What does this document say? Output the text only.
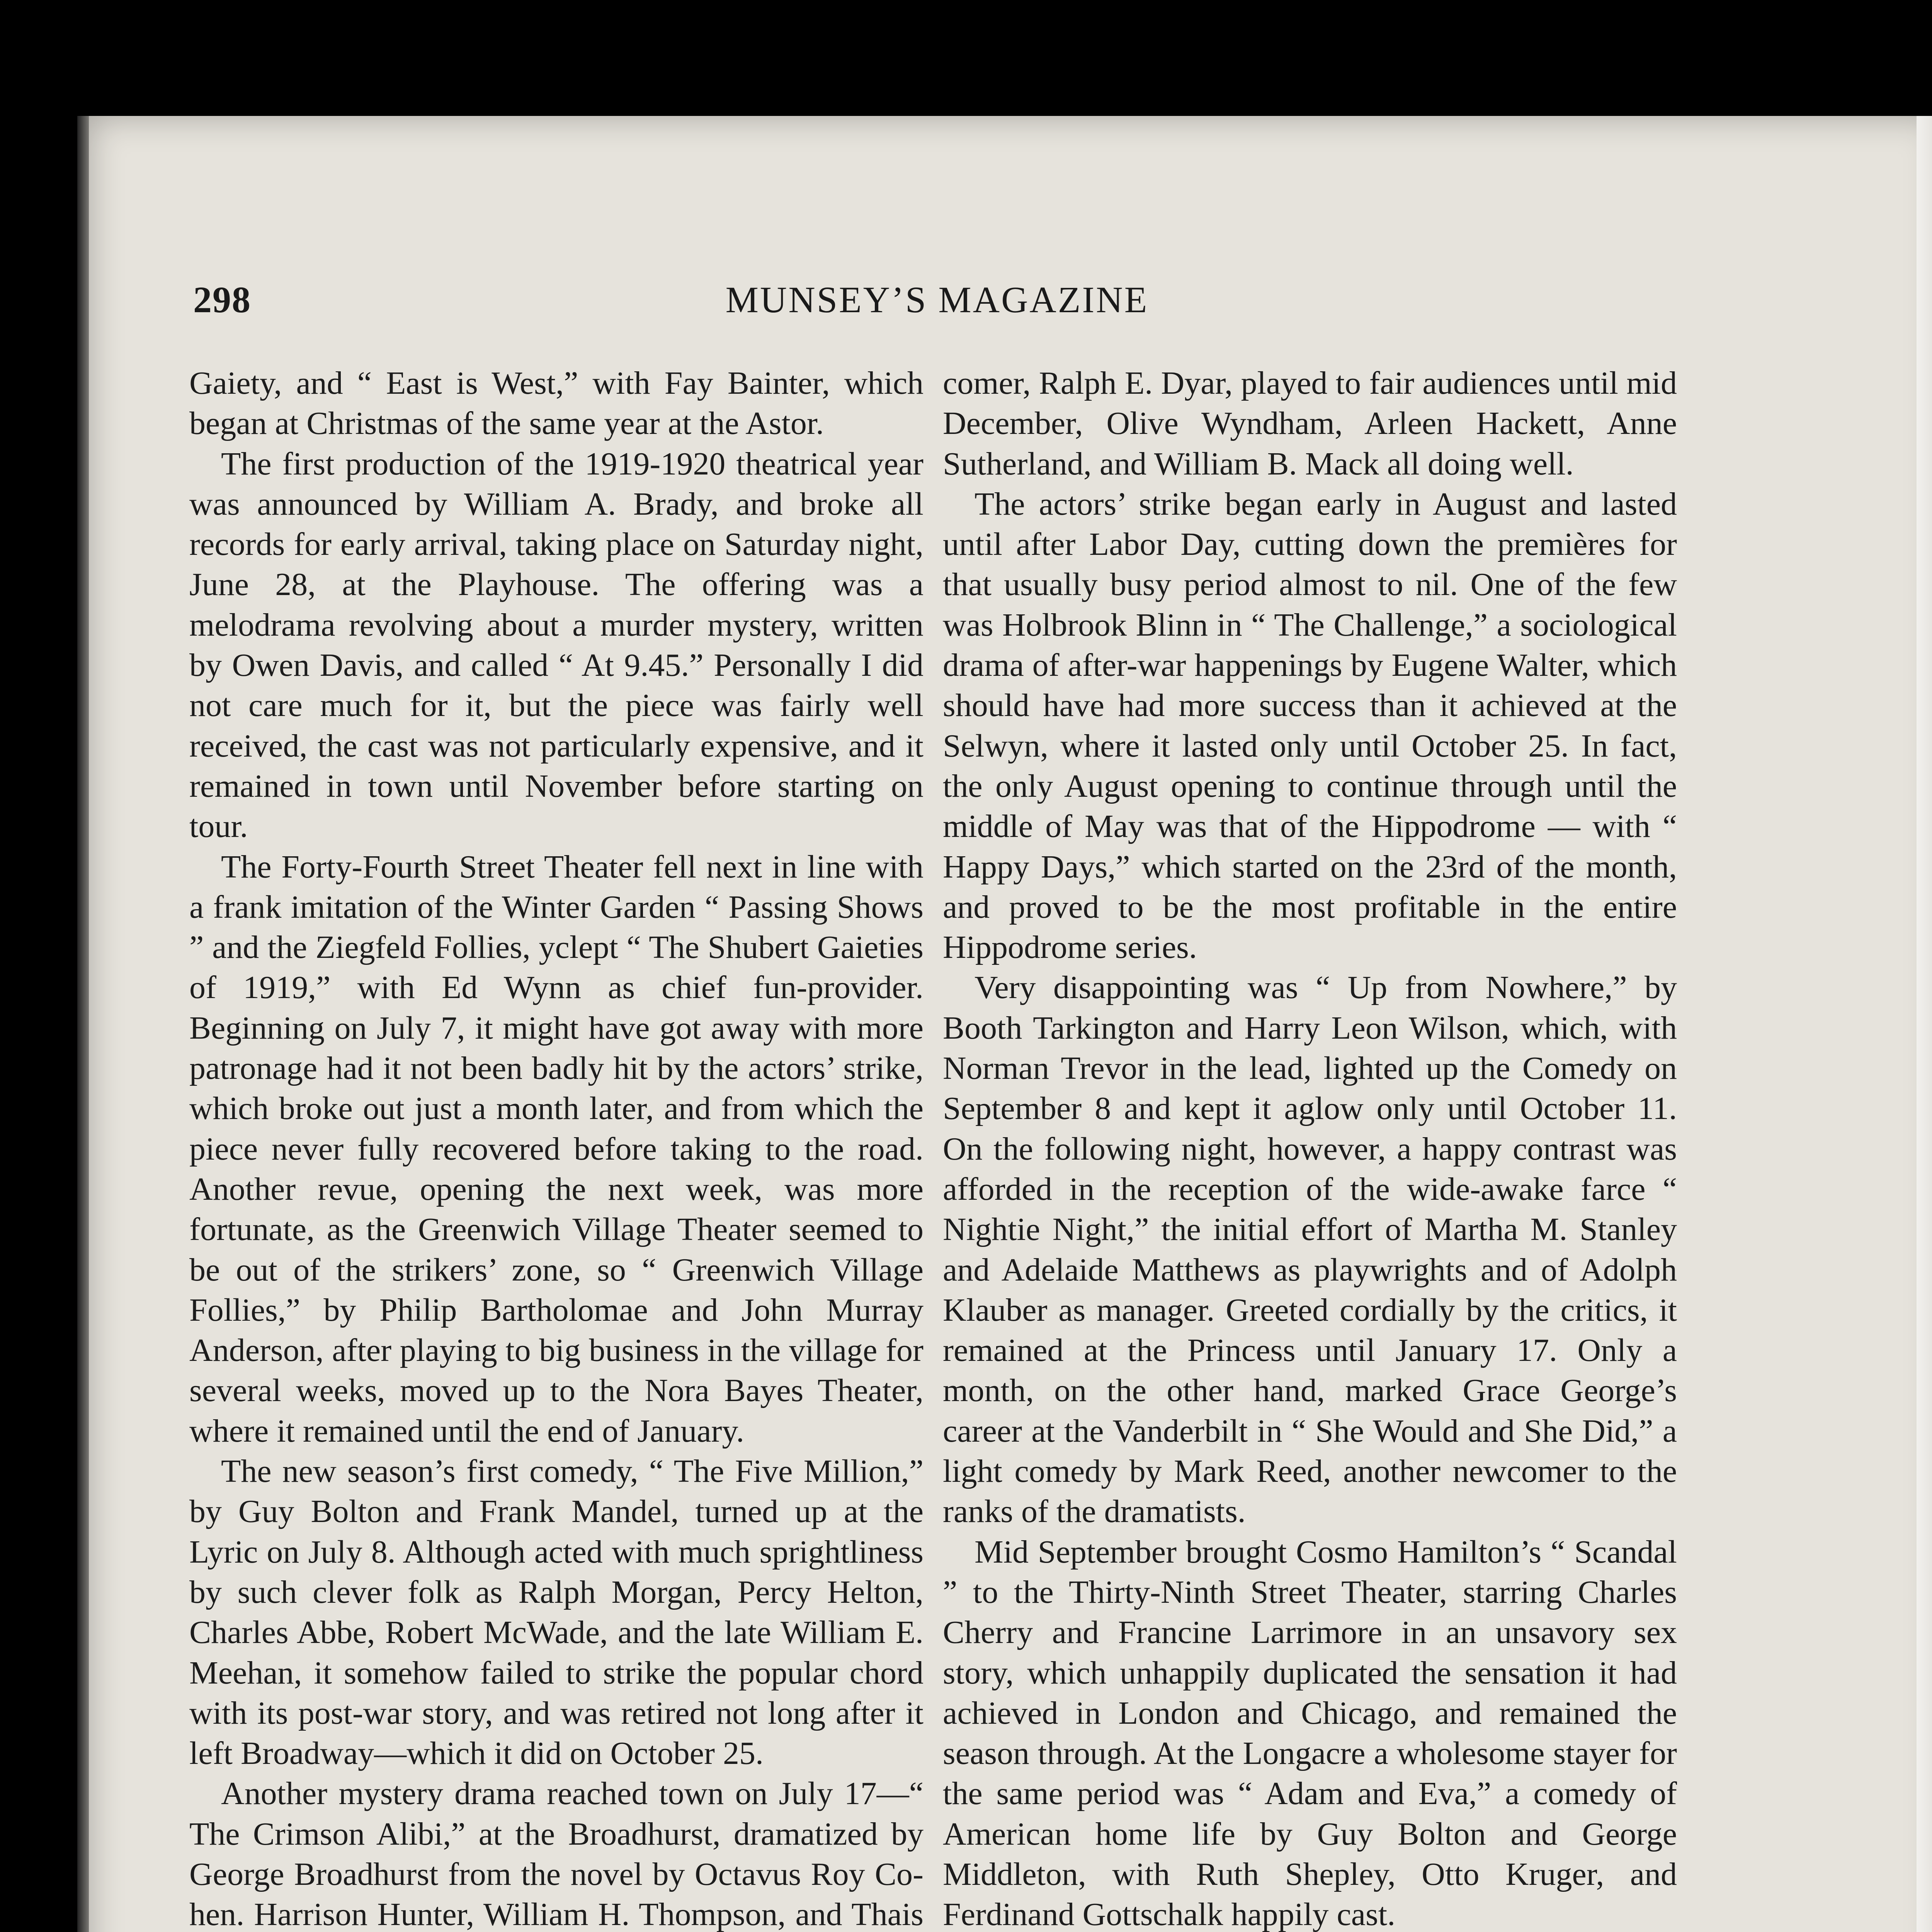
298	MUNSEY’S MAGAZINE

Gaiety, and “ East is West,” with Fay Bainter, which began at Christmas of the same year at the Astor.

The first production of the 1919-1920 theatrical year was announced by William A. Brady, and broke all records for early arrival, taking place on Saturday night, June 28, at the Playhouse. The offering was a melodrama revolving about a murder mystery, written by Owen Davis, and called “ At 9.45.” Personally I did not care much for it, but the piece was fairly well received, the cast was not particularly expensive, and it remained in town until November before starting on tour.

The Forty-Fourth Street Theater fell next in line with a frank imitation of the Winter Garden “ Passing Shows ” and the Ziegfeld Follies, yclept “ The Shubert Gaieties of 1919,” with Ed Wynn as chief fun-provider. Beginning on July 7, it might have got away with more patronage had it not been badly hit by the actors’ strike, which broke out just a month later, and from which the piece never fully recovered before taking to the road. Another revue, opening the next week, was more fortunate, as the Greenwich Village Theater seemed to be out of the strikers’ zone, so “ Greenwich Village Follies,” by Philip Bartholomae and John Murray Anderson, after playing to big business in the village for several weeks, moved up to the Nora Bayes Theater, where it remained until the end of January.

The new season’s first comedy, “ The Five Million,” by Guy Bolton and Frank Mandel, turned up at the Lyric on July 8. Although acted with much sprightliness by such clever folk as Ralph Morgan, Percy Helton, Charles Abbe, Robert McWade, and the late William E. Meehan, it somehow failed to strike the popular chord with its post-war story, and was retired not long after it left Broadway—which it did on October 25.

Another mystery drama reached town on July 17—“ The Crimson Alibi,” at the Broadhurst, dramatized by George Broadhurst from the novel by Octavus Roy Cohen. Harrison Hunter, William H. Thompson, and Thais

comer, Ralph E. Dyar, played to fair audiences until mid December, Olive Wyndham, Arleen Hackett, Anne Sutherland, and William B. Mack all doing well.

The actors’ strike began early in August and lasted until after Labor Day, cutting down the premières for that usually busy period almost to nil. One of the few was Holbrook Blinn in “ The Challenge,” a sociological drama of after-war happenings by Eugene Walter, which should have had more success than it achieved at the Selwyn, where it lasted only until October 25. In fact, the only August opening to continue through until the middle of May was that of the Hippodrome — with “ Happy Days,” which started on the 23rd of the month, and proved to be the most profitable in the entire Hippodrome series.

Very disappointing was “ Up from Nowhere,” by Booth Tarkington and Harry Leon Wilson, which, with Norman Trevor in the lead, lighted up the Comedy on September 8 and kept it aglow only until October 11. On the following night, however, a happy contrast was afforded in the reception of the wide-awake farce “ Nightie Night,” the initial effort of Martha M. Stanley and Adelaide Matthews as playwrights and of Adolph Klauber as manager. Greeted cordially by the critics, it remained at the Princess until January 17. Only a month, on the other hand, marked Grace George’s career at the Vanderbilt in “ She Would and She Did,” a light comedy by Mark Reed, another newcomer to the ranks of the dramatists.

Mid September brought Cosmo Hamilton’s “ Scandal ” to the Thirty-Ninth Street Theater, starring Charles Cherry and Francine Larrimore in an unsavory sex story, which unhappily duplicated the sensation it had achieved in London and Chicago, and remained the season through. At the Longacre a wholesome stayer for the same period was “ Adam and Eva,” a comedy of American home life by Guy Bolton and George Middleton, with Ruth Shepley, Otto Kruger, and Ferdinand Gottschalk happily cast.
